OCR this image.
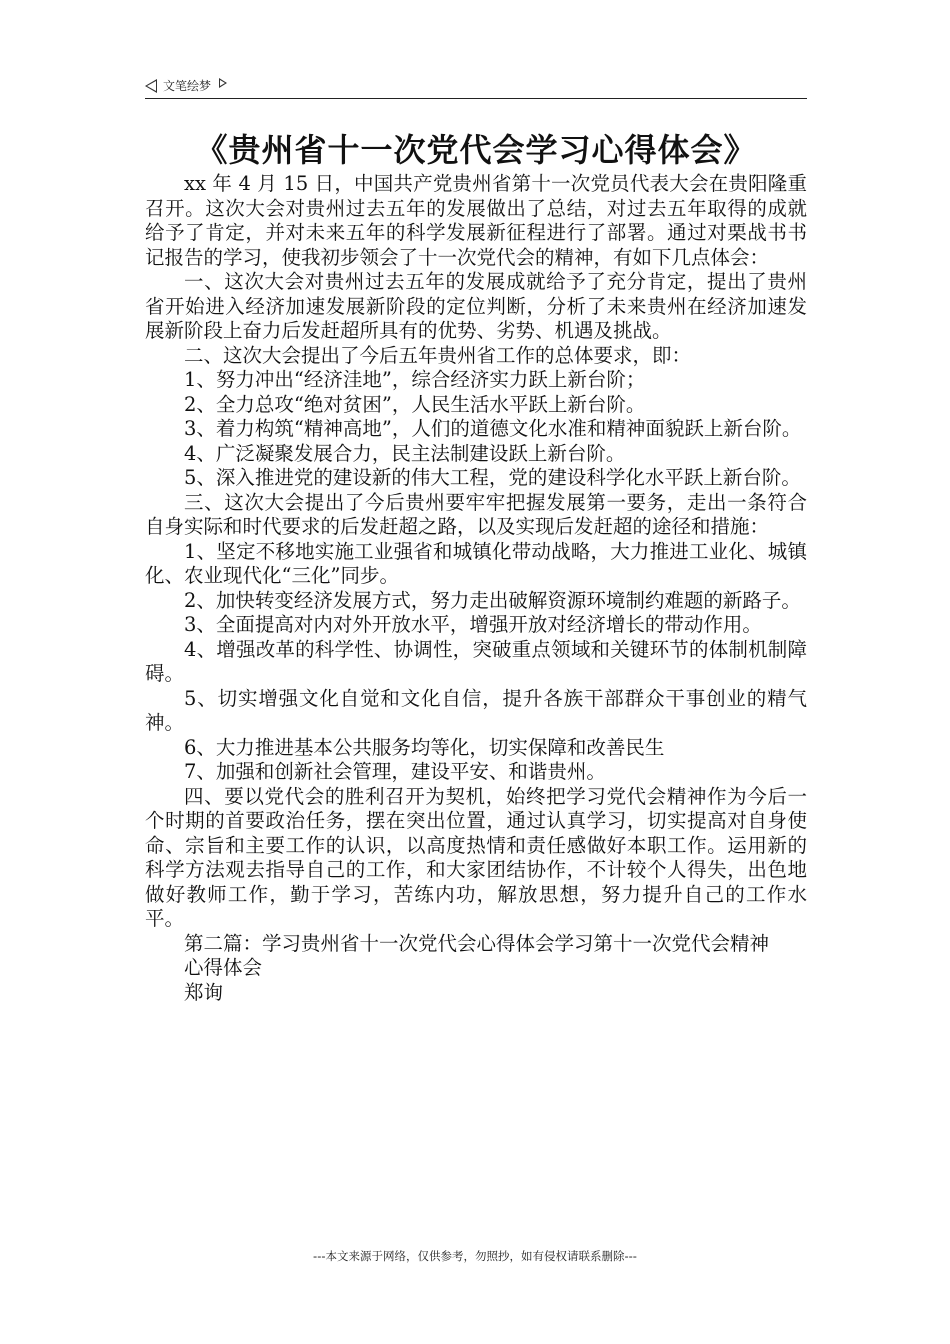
文笔绘梦
《贵州省十一次党代会学习心得体会》

xx 年 4 月 15 日，中国共产党贵州省第十一次党员代表大会在贵阳隆重召开。这次大会对贵州过去五年的发展做出了总结，对过去五年取得的成就给予了肯定，并对未来五年的科学发展新征程进行了部署。通过对栗战书书记报告的学习，使我初步领会了十一次党代会的精神，有如下几点体会：

一、这次大会对贵州过去五年的发展成就给予了充分肯定，提出了贵州省开始进入经济加速发展新阶段的定位判断，分析了未来贵州在经济加速发展新阶段上奋力后发赶超所具有的优势、劣势、机遇及挑战。

二、这次大会提出了今后五年贵州省工作的总体要求，即：

1、努力冲出“经济洼地”，综合经济实力跃上新台阶；

2、全力总攻“绝对贫困”，人民生活水平跃上新台阶。

3、着力构筑“精神高地”，人们的道德文化水准和精神面貌跃上新台阶。

4、广泛凝聚发展合力，民主法制建设跃上新台阶。

5、深入推进党的建设新的伟大工程，党的建设科学化水平跃上新台阶。

三、这次大会提出了今后贵州要牢牢把握发展第一要务，走出一条符合自身实际和时代要求的后发赶超之路，以及实现后发赶超的途径和措施：

1、坚定不移地实施工业强省和城镇化带动战略，大力推进工业化、城镇化、农业现代化“三化”同步。

2、加快转变经济发展方式，努力走出破解资源环境制约难题的新路子。

3、全面提高对内对外开放水平，增强开放对经济增长的带动作用。

4、增强改革的科学性、协调性，突破重点领域和关键环节的体制机制障碍。

5、切实增强文化自觉和文化自信，提升各族干部群众干事创业的精气神。

6、大力推进基本公共服务均等化，切实保障和改善民生

7、加强和创新社会管理，建设平安、和谐贵州。

四、要以党代会的胜利召开为契机，始终把学习党代会精神作为今后一个时期的首要政治任务，摆在突出位置，通过认真学习，切实提高对自身使命、宗旨和主要工作的认识，以高度热情和责任感做好本职工作。运用新的科学方法观去指导自己的工作，和大家团结协作，不计较个人得失，出色地做好教师工作，勤于学习，苦练内功，解放思想，努力提升自己的工作水平。

第二篇：学习贵州省十一次党代会心得体会学习第十一次党代会精神

心得体会

郑询

---本文来源于网络，仅供参考，勿照抄，如有侵权请联系删除---
